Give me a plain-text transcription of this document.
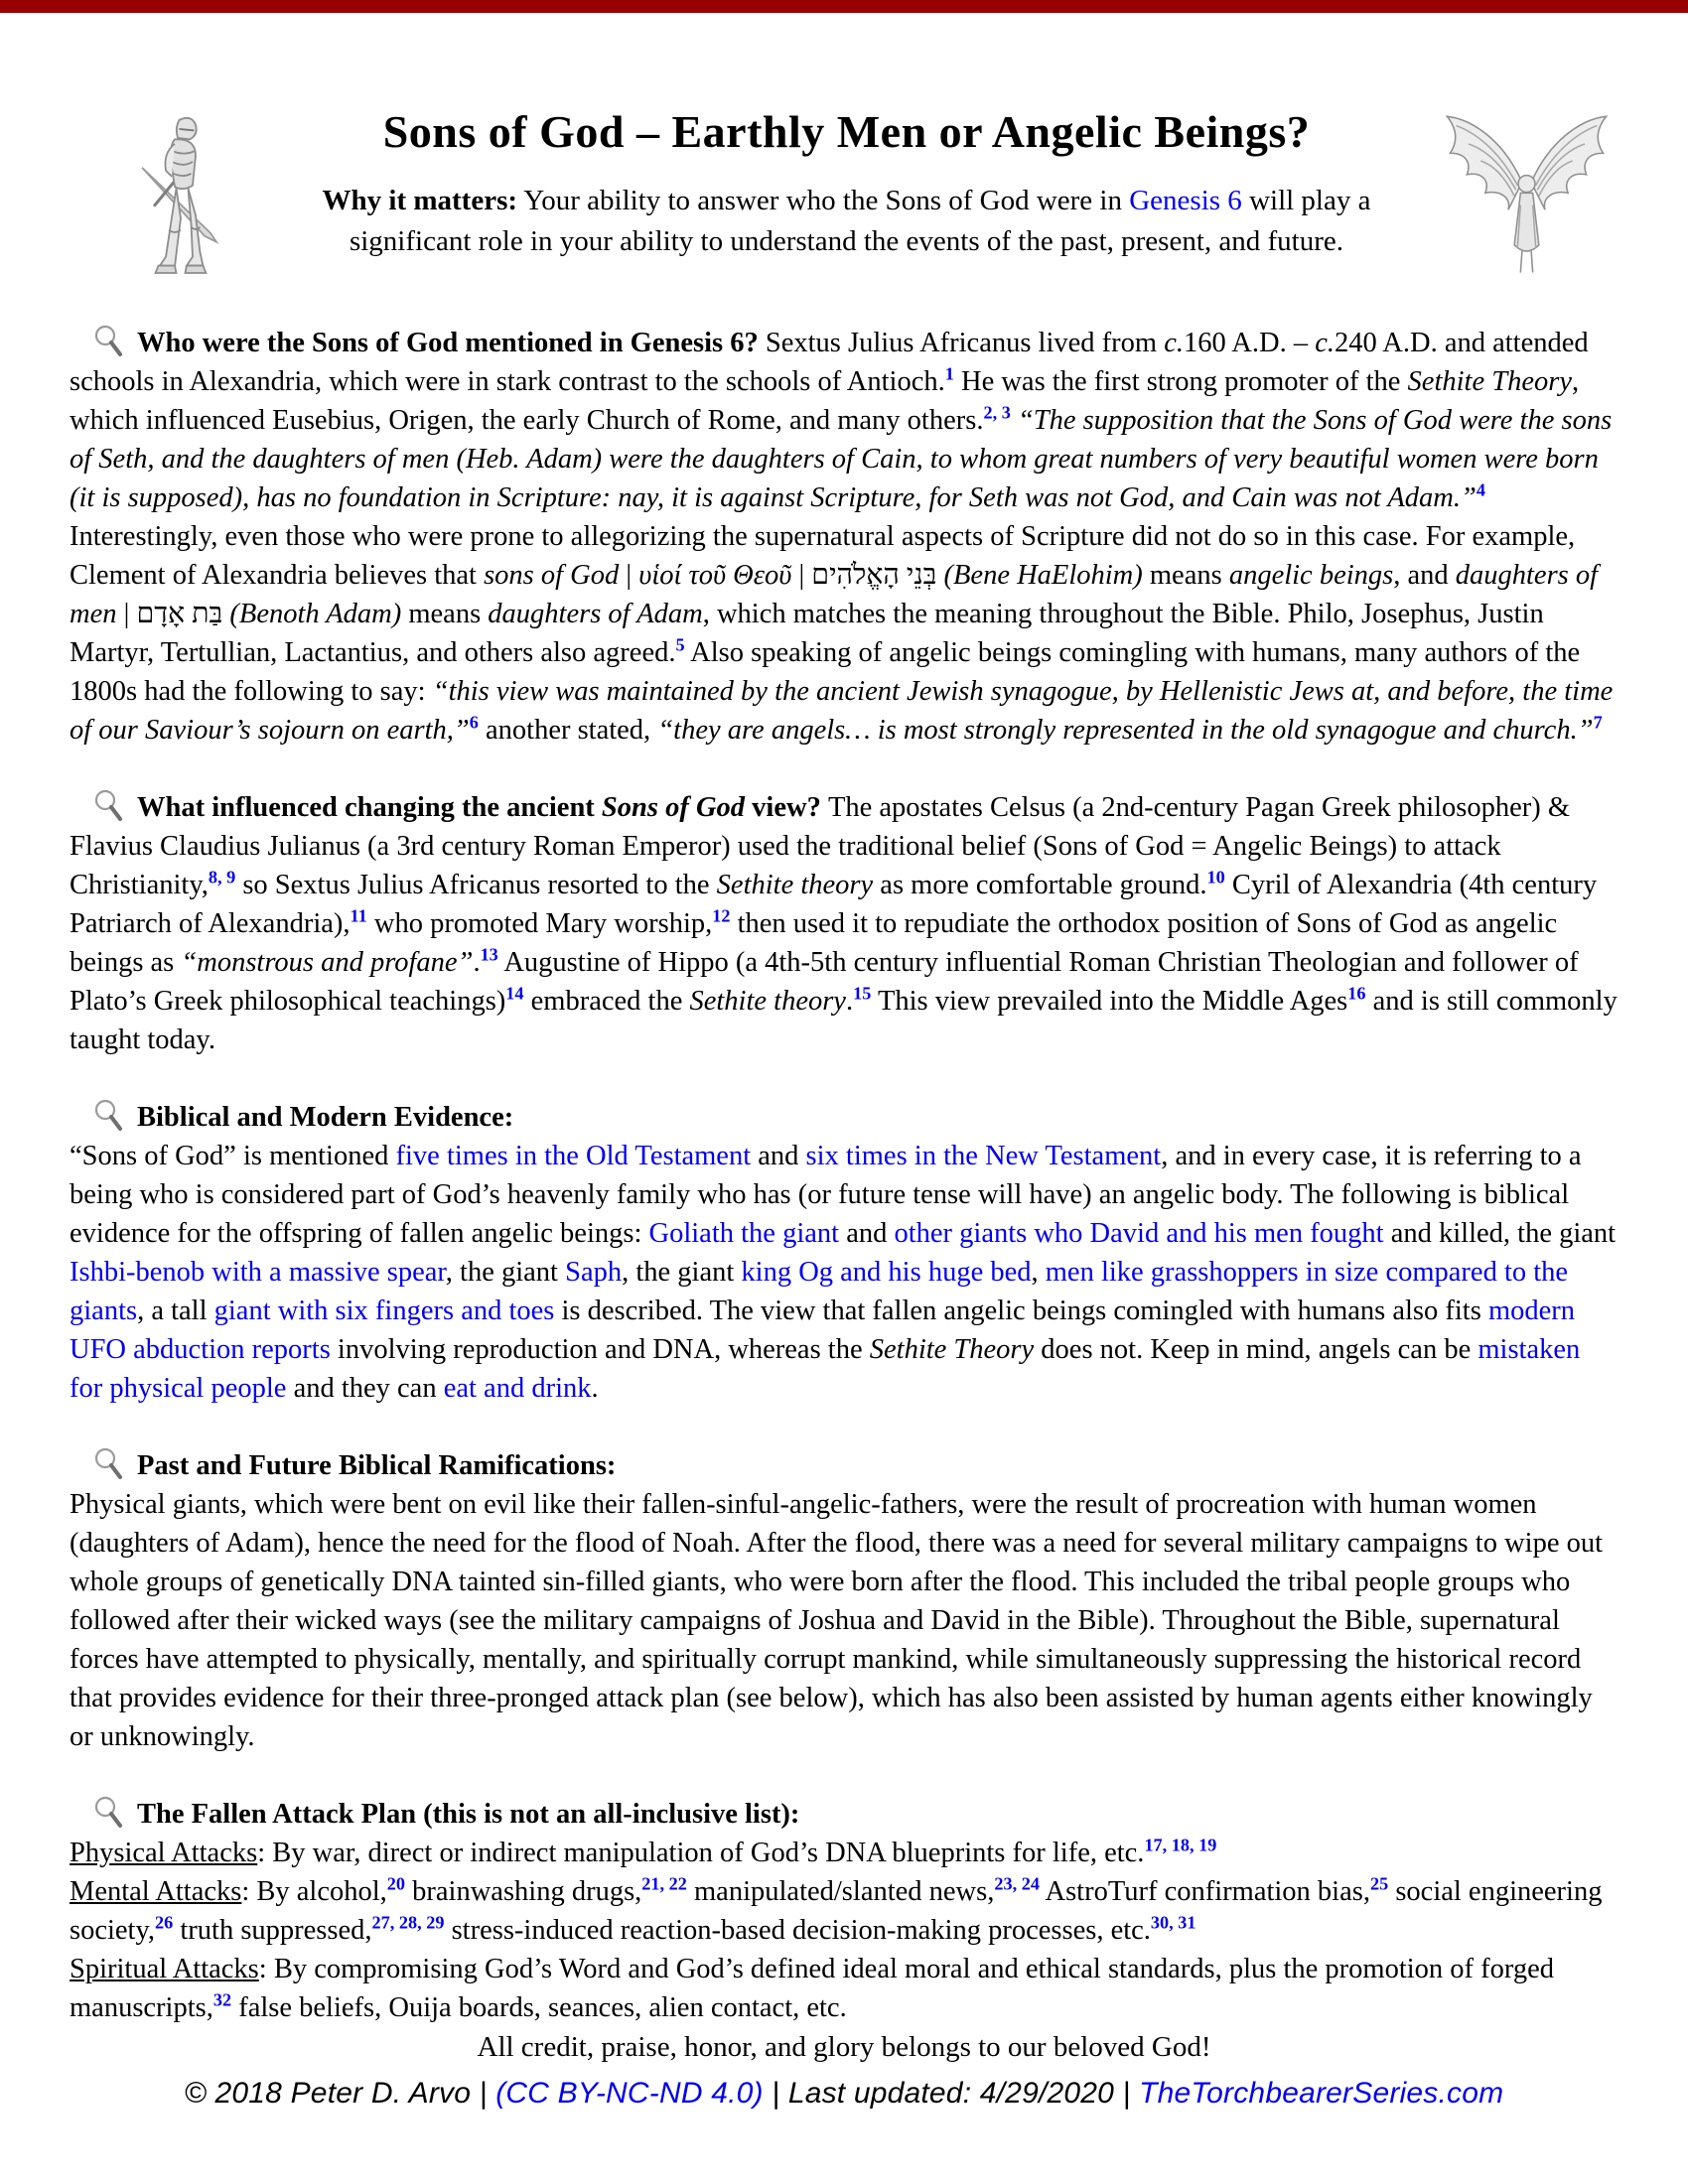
Sons of God – Earthly Men or Angelic Beings?

Why it matters: Your ability to answer who the Sons of God were in Genesis 6 will play a significant role in your ability to understand the events of the past, present, and future.

Who were the Sons of God mentioned in Genesis 6? Sextus Julius Africanus lived from c.160 A.D. – c.240 A.D. and attended schools in Alexandria, which were in stark contrast to the schools of Antioch.$^1$ He was the first strong promoter of the Sethite Theory, which influenced Eusebius, Origen, the early Church of Rome, and many others.$^{2, 3}$ “The supposition that the Sons of God were the sons of Seth, and the daughters of men (Heb. Adam) were the daughters of Cain, to whom great numbers of very beautiful women were born (it is supposed), has no foundation in Scripture: nay, it is against Scripture, for Seth was not God, and Cain was not Adam.”$^4$ Interestingly, even those who were prone to allegorizing the supernatural aspects of Scripture did not do so in this case. For example, Clement of Alexandria believes that sons of God | υἱοί τοῦ Θεοῦ | בְּנֵי הָאֱלֹהִים (Bene HaElohim) means angelic beings, and daughters of men | בַּת אָדָם (Benoth Adam) means daughters of Adam, which matches the meaning throughout the Bible. Philo, Josephus, Justin Martyr, Tertullian, Lactantius, and others also agreed.$^5$ Also speaking of angelic beings comingling with humans, many authors of the 1800s had the following to say: “this view was maintained by the ancient Jewish synagogue, by Hellenistic Jews at, and before, the time of our Saviour’s sojourn on earth,”$^6$ another stated, “they are angels… is most strongly represented in the old synagogue and church.”$^7$

What influenced changing the ancient Sons of God view? The apostates Celsus (a 2nd-century Pagan Greek philosopher) & Flavius Claudius Julianus (a 3rd century Roman Emperor) used the traditional belief (Sons of God = Angelic Beings) to attack Christianity,$^{8, 9}$ so Sextus Julius Africanus resorted to the Sethite theory as more comfortable ground.$^{10}$ Cyril of Alexandria (4th century Patriarch of Alexandria),$^{11}$ who promoted Mary worship,$^{12}$ then used it to repudiate the orthodox position of Sons of God as angelic beings as “monstrous and profane”.$^{13}$ Augustine of Hippo (a 4th-5th century influential Roman Christian Theologian and follower of Plato’s Greek philosophical teachings)$^{14}$ embraced the Sethite theory.$^{15}$ This view prevailed into the Middle Ages$^{16}$ and is still commonly taught today.

Biblical and Modern Evidence:

“Sons of God” is mentioned five times in the Old Testament and six times in the New Testament, and in every case, it is referring to a being who is considered part of God’s heavenly family who has (or future tense will have) an angelic body. The following is biblical evidence for the offspring of fallen angelic beings: Goliath the giant and other giants who David and his men fought and killed, the giant Ishbi-benob with a massive spear, the giant Saph, the giant king Og and his huge bed, men like grasshoppers in size compared to the giants, a tall giant with six fingers and toes is described. The view that fallen angelic beings comingled with humans also fits modern UFO abduction reports involving reproduction and DNA, whereas the Sethite Theory does not. Keep in mind, angels can be mistaken for physical people and they can eat and drink.

Past and Future Biblical Ramifications:

Physical giants, which were bent on evil like their fallen-sinful-angelic-fathers, were the result of procreation with human women (daughters of Adam), hence the need for the flood of Noah. After the flood, there was a need for several military campaigns to wipe out whole groups of genetically DNA tainted sin-filled giants, who were born after the flood. This included the tribal people groups who followed after their wicked ways (see the military campaigns of Joshua and David in the Bible). Throughout the Bible, supernatural forces have attempted to physically, mentally, and spiritually corrupt mankind, while simultaneously suppressing the historical record that provides evidence for their three-pronged attack plan (see below), which has also been assisted by human agents either knowingly or unknowingly.

The Fallen Attack Plan (this is not an all-inclusive list):

Physical Attacks: By war, direct or indirect manipulation of God’s DNA blueprints for life, etc.$^{17, 18, 19}$

Mental Attacks: By alcohol,$^{20}$ brainwashing drugs,$^{21, 22}$ manipulated/slanted news,$^{23, 24}$ AstroTurf confirmation bias,$^{25}$ social engineering society,$^{26}$ truth suppressed,$^{27, 28, 29}$ stress-induced reaction-based decision-making processes, etc.$^{30, 31}$

Spiritual Attacks: By compromising God’s Word and God’s defined ideal moral and ethical standards, plus the promotion of forged manuscripts,$^{32}$ false beliefs, Ouija boards, seances, alien contact, etc.

All credit, praise, honor, and glory belongs to our beloved God!

© 2018 Peter D. Arvo | (CC BY-NC-ND 4.0) | Last updated: 4/29/2020 | TheTorchbearerSeries.com
